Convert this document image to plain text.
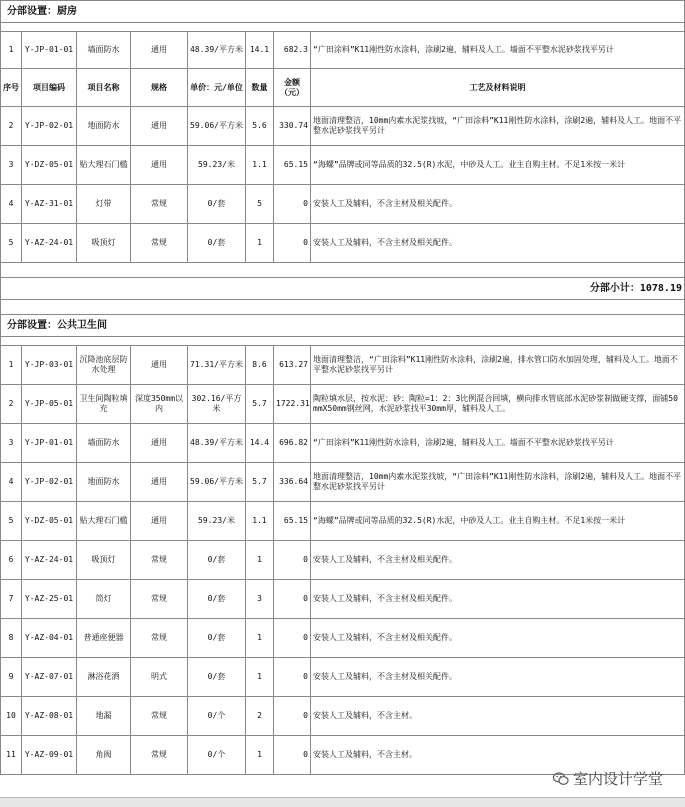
分部设置：厨房							

1	Y-JP-01-01	墙面防水	通用	48.39/平方米	14.1	682.3	“广田涂料”K11刚性防水涂料，涂刷2遍，辅料及人工。墙面不平整水泥砂浆找平另计
序号	项目编码	项目名称	规格	单价：元/单位	数量	金额（元）	工艺及材料说明
2	Y-JP-02-01	地面防水	通用	59.06/平方米	5.6	330.74	地面清理整洁，10mm内素水泥浆找坡，“广田涂料”K11刚性防水涂料，涂刷2遍，辅料及人工。地面不平整水泥砂浆找平另计
3	Y-DZ-05-01	贴大理石门槛	通用	59.23/米	1.1	65.15	“海螺”品牌或同等品质的32.5(R)水泥，中砂及人工。业主自购主材。不足1米按一米计
4	Y-AZ-31-01	灯带	常规	0/套	5	0	安装人工及辅料，不含主材及相关配件。
5	Y-AZ-24-01	吸顶灯	常规	0/套	1	0	安装人工及辅料，不含主材及相关配件。

分部小计：1078.19							

分部设置：公共卫生间							

1	Y-JP-03-01	沉降池底层防水处理	通用	71.31/平方米	8.6	613.27	地面清理整洁，“广田涂料”K11刚性防水涂料，涂刷2遍，排水管口防水加固处理，辅料及人工。地面不平整水泥砂浆找平另计
2	Y-JP-05-01	卫生间陶粒填充	深度350mm以内	302.16/平方米	5.7	1722.31	陶粒填水层，按水泥：砂：陶粒=1：2：3比例混合回填，横向排水管底部水泥砂浆制做硬支撑，面铺50mmX50mm钢丝网，水泥砂浆找平30mm厚，辅料及人工。
3	Y-JP-01-01	墙面防水	通用	48.39/平方米	14.4	696.82	“广田涂料”K11刚性防水涂料，涂刷2遍，辅料及人工。墙面不平整水泥砂浆找平另计
4	Y-JP-02-01	地面防水	通用	59.06/平方米	5.7	336.64	地面清理整洁，10mm内素水泥浆找坡，“广田涂料”K11刚性防水涂料，涂刷2遍，辅料及人工。地面不平整水泥砂浆找平另计
5	Y-DZ-05-01	贴大理石门槛	通用	59.23/米	1.1	65.15	“海螺”品牌或同等品质的32.5(R)水泥，中砂及人工。业主自购主材。不足1米按一米计
6	Y-AZ-24-01	吸顶灯	常规	0/套	1	0	安装人工及辅料，不含主材及相关配件。
7	Y-AZ-25-01	筒灯	常规	0/套	3	0	安装人工及辅料，不含主材及相关配件。
8	Y-AZ-04-01	普通座便器	常规	0/套	1	0	安装人工及辅料，不含主材及相关配件。
9	Y-AZ-07-01	淋浴花洒	明式	0/套	1	0	安装人工及辅料，不含主材及相关配件。
10	Y-AZ-08-01	地漏	常规	0/个	2	0	安装人工及辅料，不含主材。
11	Y-AZ-09-01	角阀	常规	0/个	1	0	安装人工及辅料，不含主材。
室内设计学堂
